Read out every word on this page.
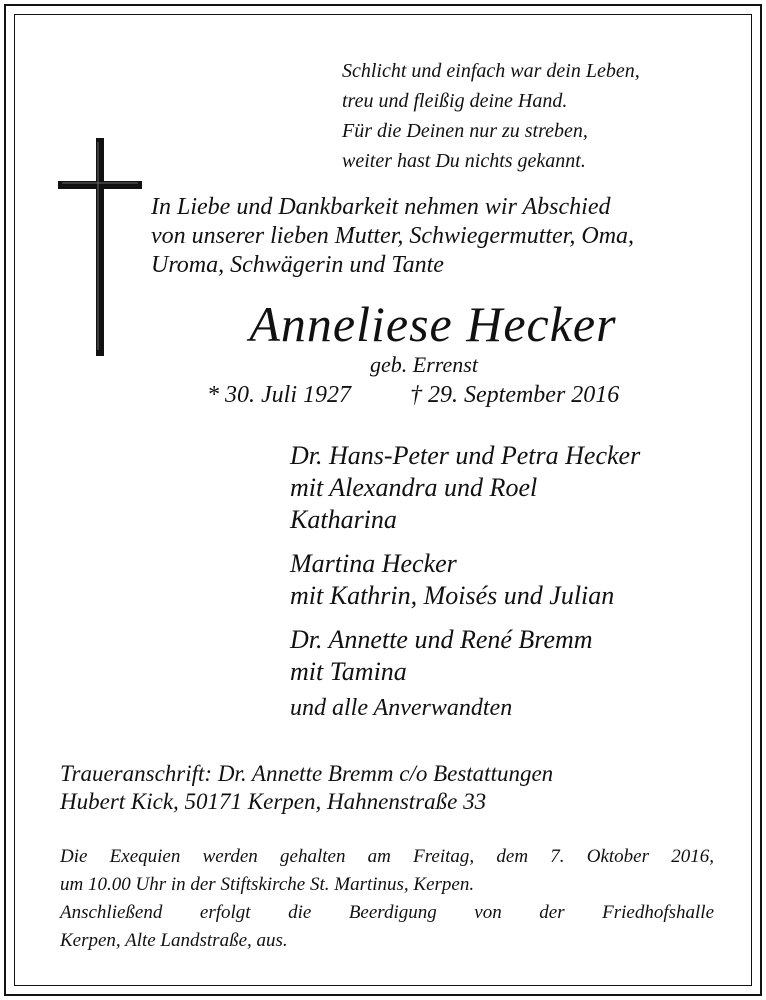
Schlicht und einfach war dein Leben,
treu und fleißig deine Hand.
Für die Deinen nur zu streben,
weiter hast Du nichts gekannt.
In Liebe und Dankbarkeit nehmen wir Abschied
von unserer lieben Mutter, Schwiegermutter, Oma,
Uroma, Schwägerin und Tante
Anneliese Hecker
geb. Errenst
* 30. Juli 1927 † 29. September 2016
Dr. Hans-Peter und Petra Hecker
mit Alexandra und Roel
Katharina
Martina Hecker
mit Kathrin, Moisés und Julian
Dr. Annette und René Bremm
mit Tamina
und alle Anverwandten
Traueranschrift: Dr. Annette Bremm c/o Bestattungen
Hubert Kick, 50171 Kerpen, Hahnenstraße 33
Die Exequien werden gehalten am Freitag, dem 7. Oktober 2016,
um 10.00 Uhr in der Stiftskirche St. Martinus, Kerpen.
Anschließend erfolgt die Beerdigung von der Friedhofshalle
Kerpen, Alte Landstraße, aus.
